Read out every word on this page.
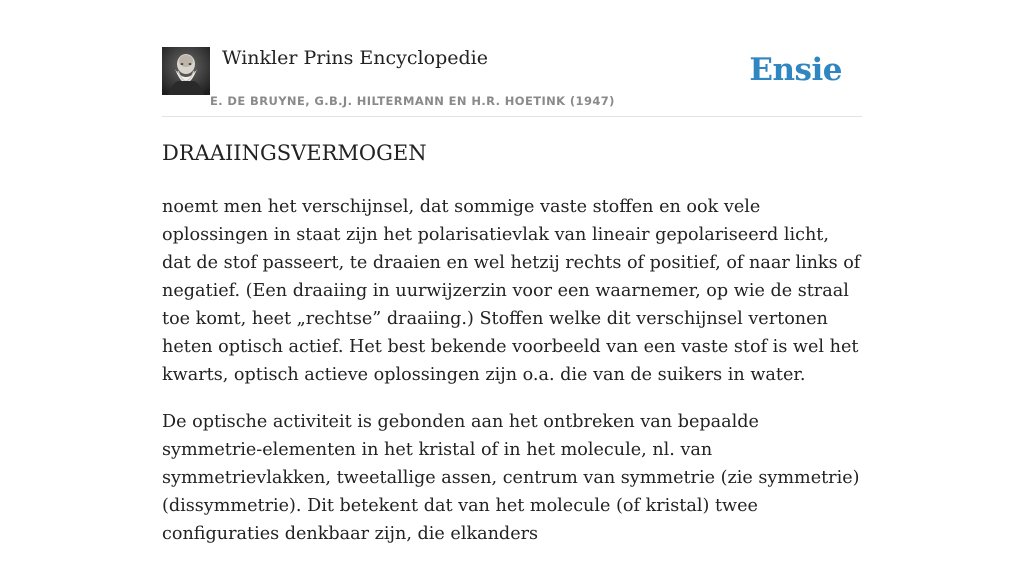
Winkler Prins Encyclopedie
E. DE BRUYNE, G.B.J. HILTERMANN EN H.R. HOETINK (1947)
Ensie
DRAAIINGSVERMOGEN

noemt men het verschijnsel, dat sommige vaste stoffen en ook vele oplossingen in staat zijn het polarisatievlak van lineair gepolariseerd licht, dat de stof passeert, te draaien en wel hetzij rechts of positief, of naar links of negatief. (Een draaiing in uurwijzerzin voor een waarnemer, op wie de straal toe komt, heet „rechtse” draaiing.) Stoffen welke dit verschijnsel vertonen heten optisch actief. Het best bekende voorbeeld van een vaste stof is wel het kwarts, optisch actieve oplossingen zijn o.a. die van de suikers in water.

De optische activiteit is gebonden aan het ontbreken van bepaalde symmetrie-elementen in het kristal of in het molecule, nl. van symmetrievlakken, tweetallige assen, centrum van symmetrie (zie symmetrie) (dissymmetrie). Dit betekent dat van het molecule (of kristal) twee configuraties denkbaar zijn, die elkanders
